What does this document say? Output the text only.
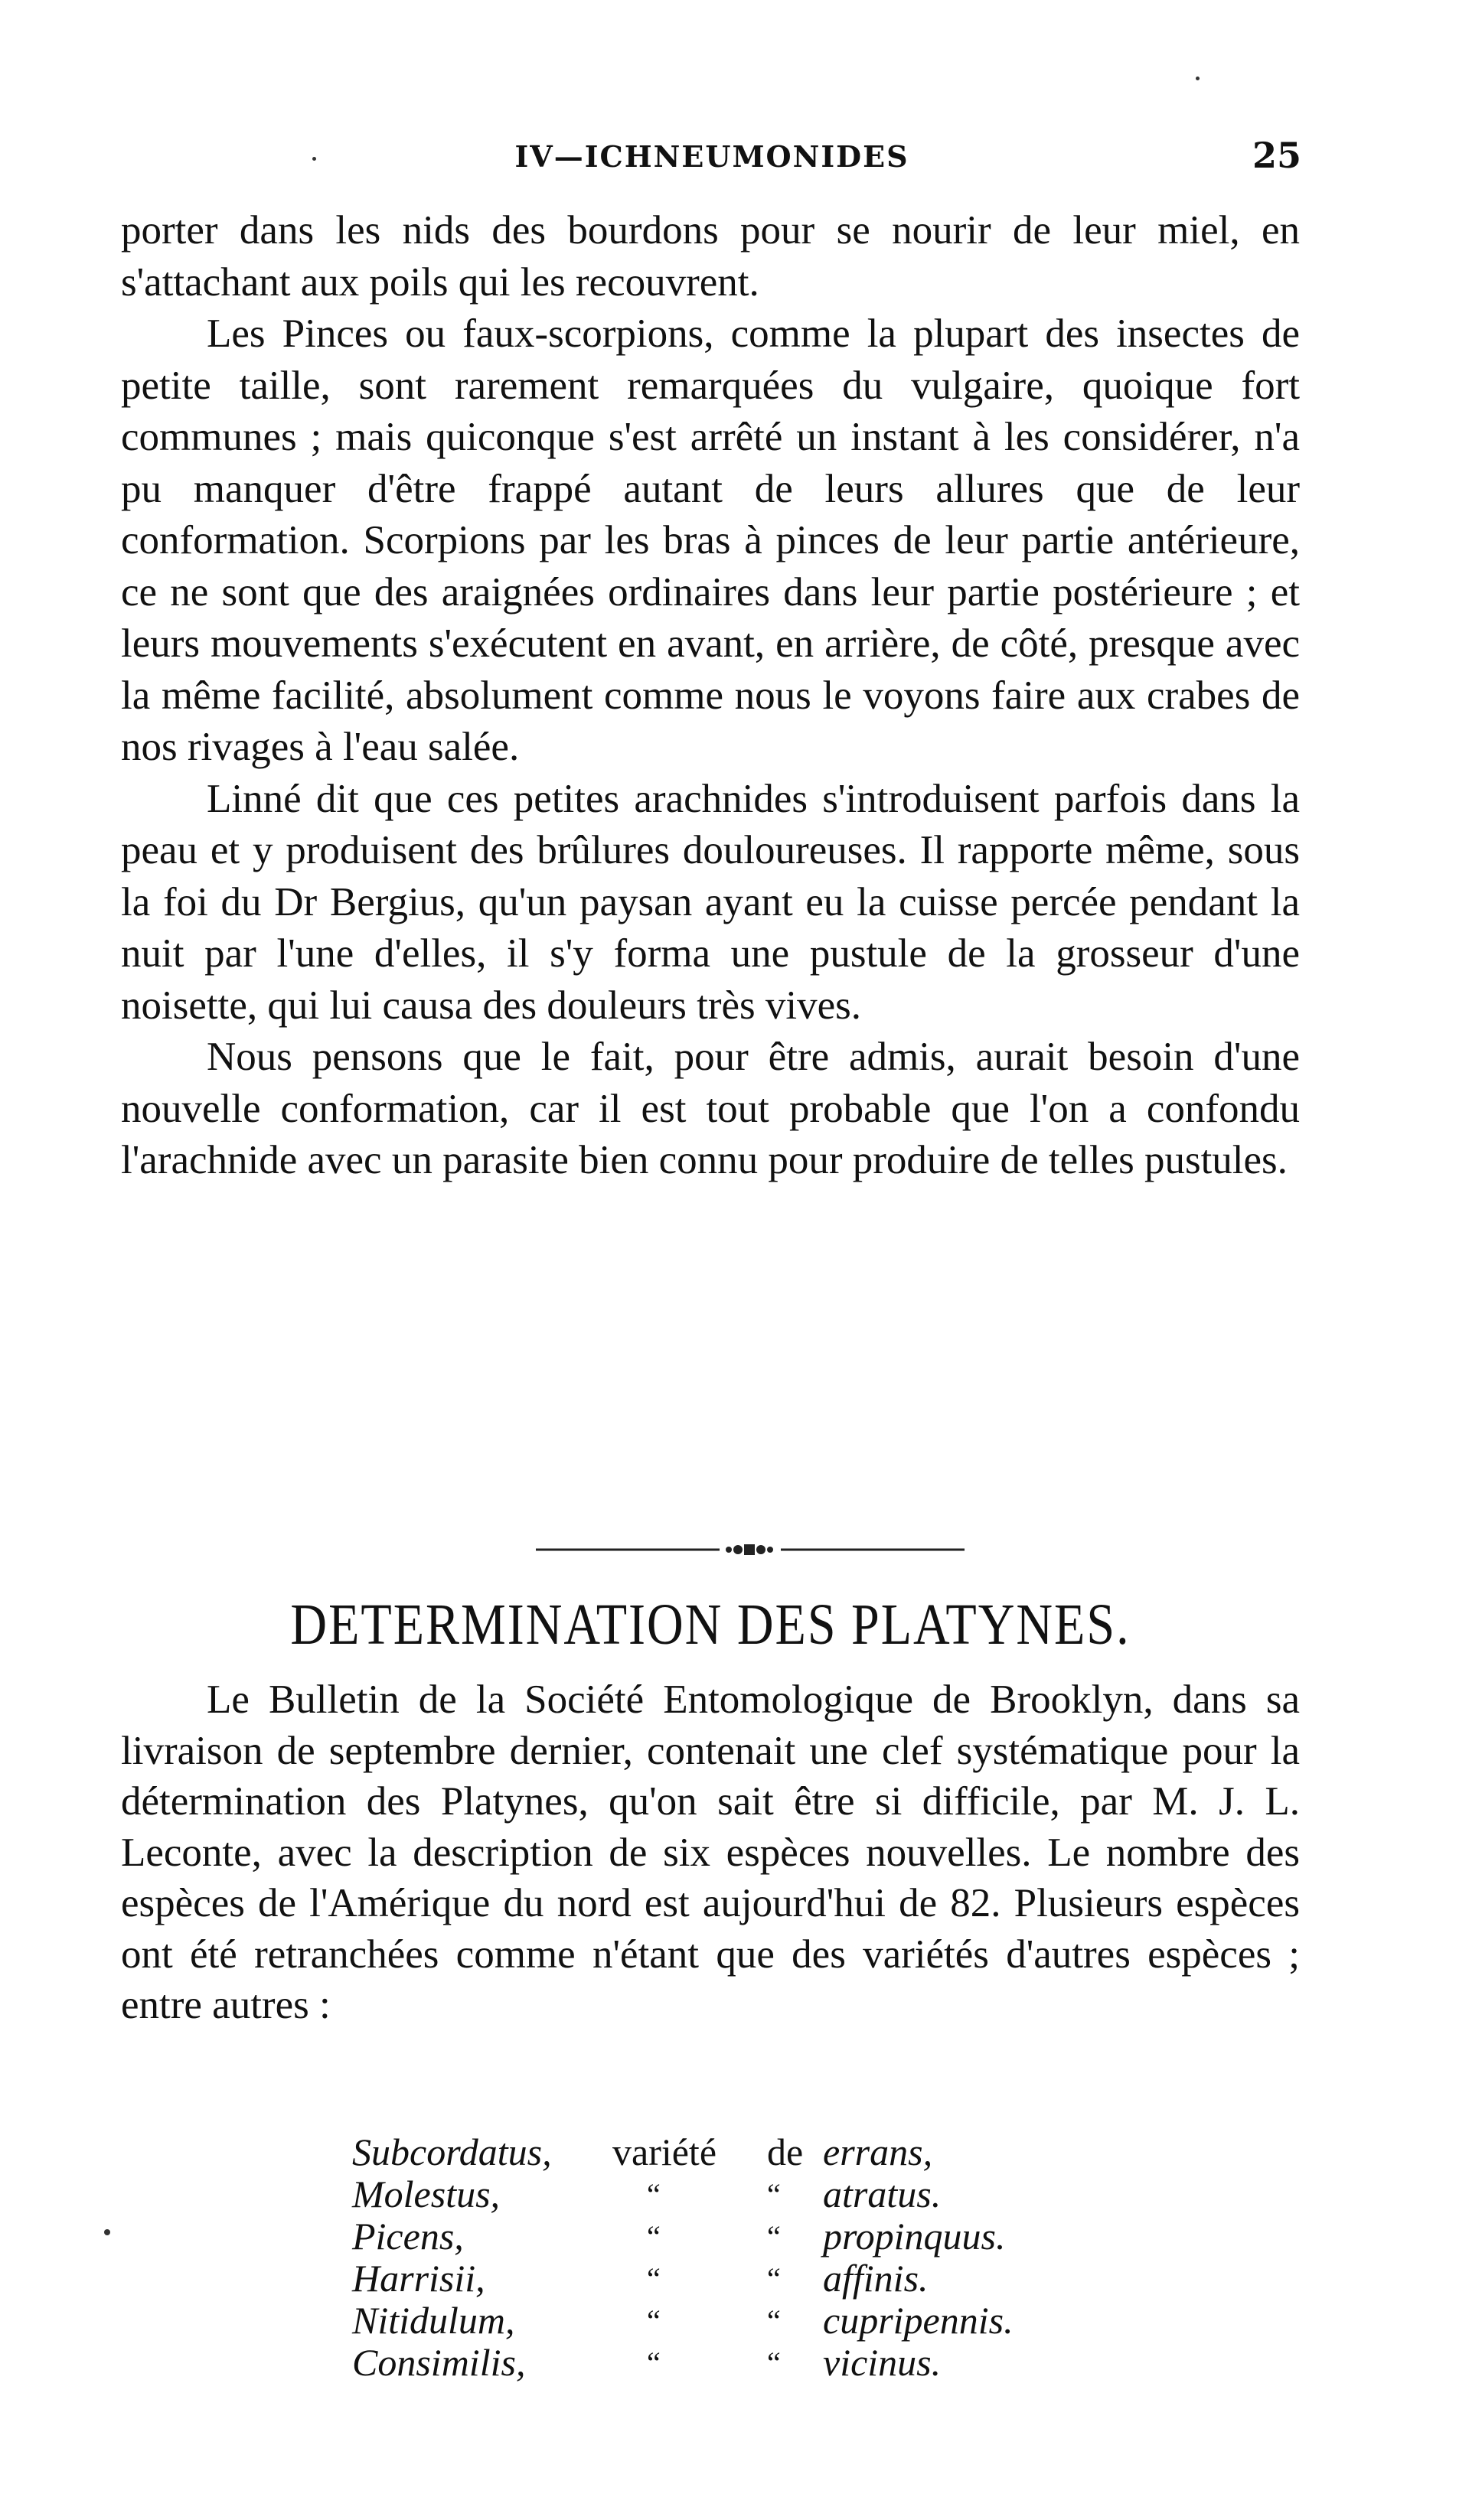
IV—ICHNEUMONIDES	25

porter dans les nids des bourdons pour se nourir de leur miel, en s'attachant aux poils qui les recouvrent.

Les Pinces ou faux-scorpions, comme la plupart des insectes de petite taille, sont rarement remarquées du vulgaire, quoique fort communes ; mais quiconque s'est arrêté un instant à les considérer, n'a pu manquer d'être frappé autant de leurs allures que de leur conformation. Scorpions par les bras à pinces de leur partie antérieure, ce ne sont que des araignées ordinaires dans leur partie postérieure ; et leurs mouvements s'exécutent en avant, en arrière, de côté, presque avec la même facilité, absolument comme nous le voyons faire aux crabes de nos rivages à l'eau salée.

Linné dit que ces petites arachnides s'introduisent parfois dans la peau et y produisent des brûlures douloureuses. Il rapporte même, sous la foi du Dr Bergius, qu'un paysan ayant eu la cuisse percée pendant la nuit par l'une d'elles, il s'y forma une pustule de la grosseur d'une noisette, qui lui causa des douleurs très vives.

Nous pensons que le fait, pour être admis, aurait besoin d'une nouvelle conformation, car il est tout probable que l'on a confondu l'arachnide avec un parasite bien connu pour produire de telles pustules.

DETERMINATION DES PLATYNES.

Le Bulletin de la Société Entomologique de Brooklyn, dans sa livraison de septembre dernier, contenait une clef systématique pour la détermination des Platynes, qu'on sait être si difficile, par M. J. L. Leconte, avec la description de six espèces nouvelles. Le nombre des espèces de l'Amérique du nord est aujourd'hui de 82. Plusieurs espèces ont été retranchées comme n'étant que des variétés d'autres espèces ; entre autres :

Subcordatus, variété de errans,
Molestus,	“	“ atratus.
Picens,	“	“ propinquus.
Harrisii,	“	“ affinis.
Nitidulum,	“	“ cupripennis.
Consimilis,	“	“ vicinus.
